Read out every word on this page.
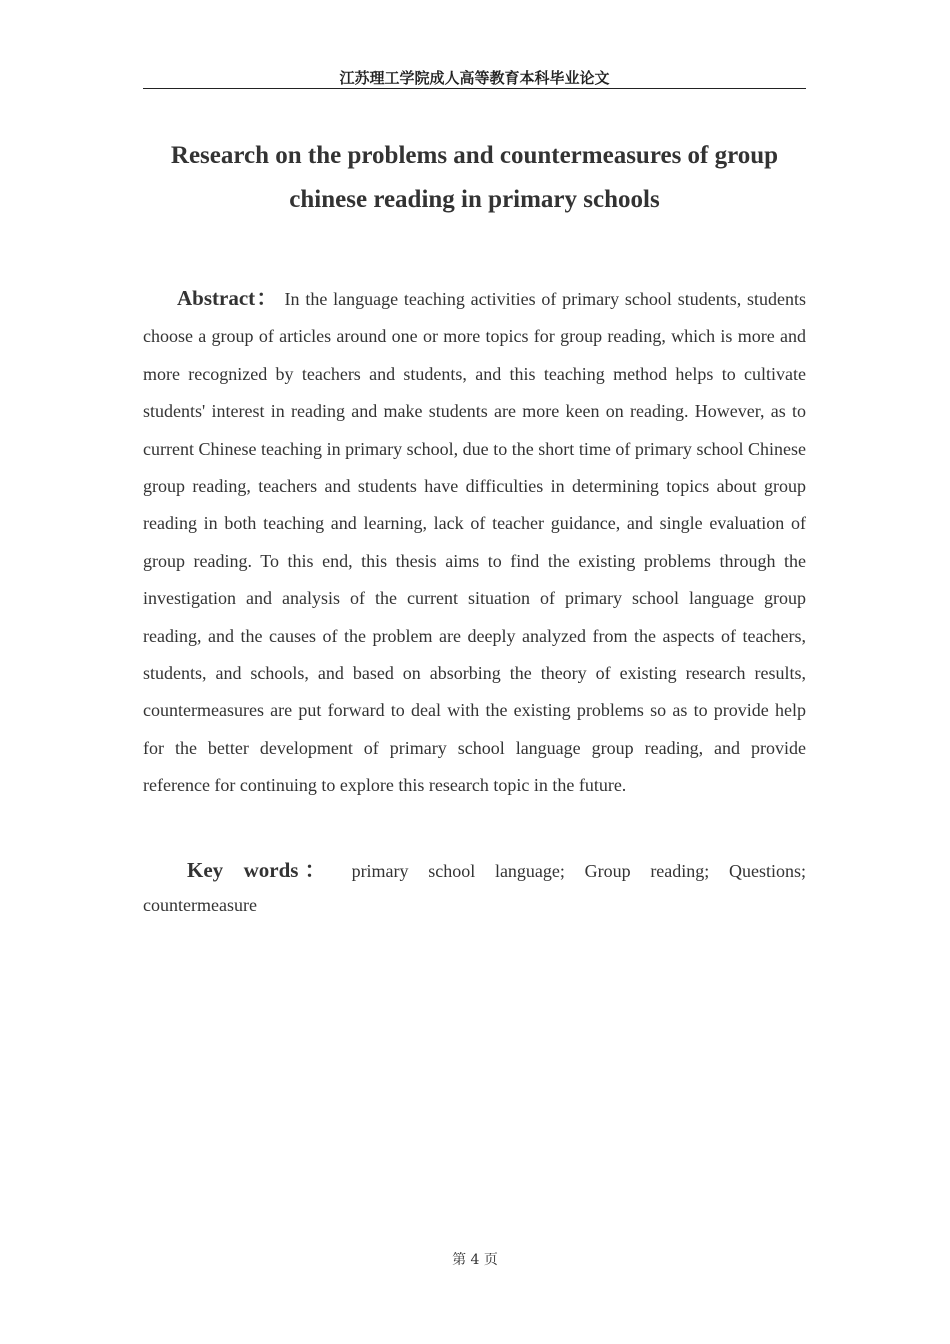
江苏理工学院成人高等教育本科毕业论文
Research on the problems and countermeasures of group
chinese reading in primary schools

Abstract： In the language teaching activities of primary school students, students choose a group of articles around one or more topics for group reading, which is more and more recognized by teachers and students, and this teaching method helps to cultivate students' interest in reading and make students are more keen on reading. However, as to current Chinese teaching in primary school, due to the short time of primary school Chinese group reading, teachers and students have difficulties in determining topics about group reading in both teaching and learning, lack of teacher guidance, and single evaluation of group reading. To this end, this thesis aims to find the existing problems through the investigation and analysis of the current situation of primary school language group reading, and the causes of the problem are deeply analyzed from the aspects of teachers, students, and schools, and based on absorbing the theory of existing research results, countermeasures are put forward to deal with the existing problems so as to provide help for the better development of primary school language group reading, and provide reference for continuing to explore this research topic in the future.

Key words： primary school language; Group reading; Questions; countermeasure

第 4 页
